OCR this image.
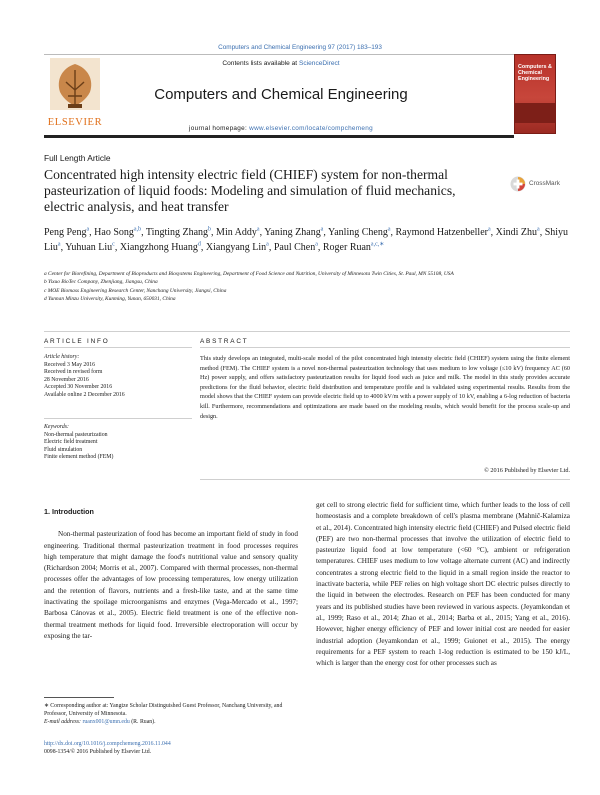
Computers and Chemical Engineering 97 (2017) 183–193
ELSEVIER
Contents lists available at ScienceDirect
Computers and Chemical Engineering
journal homepage: www.elsevier.com/locate/compchemeng
Computers & Chemical Engineering
Full Length Article
Concentrated high intensity electric field (CHIEF) system for non-thermal pasteurization of liquid foods: Modeling and simulation of fluid mechanics, electric analysis, and heat transfer
CrossMark
Peng Peng$^a$, Hao Song$^{a,b}$, Tingting Zhang$^b$, Min Addy$^a$, Yaning Zhang$^a$, Yanling Cheng$^a$, Raymond Hatzenbeller$^a$, Xindi Zhu$^a$, Shiyu Liu$^a$, Yuhuan Liu$^c$, Xiangzhong Huang$^d$, Xiangyang Lin$^a$, Paul Chen$^a$, Roger Ruan$^{a,c,∗}$
a Center for Biorefining, Department of Bioproducts and Biosystems Engineering, Department of Food Science and Nutrition, University of Minnesota Twin Cities, St. Paul, MN 55108, USA
b Yixuo BioTec Company, Zhenjiang, Jiangsu, China
c MOE Biomass Engineering Research Center, Nanchang University, Jiangxi, China
d Yunnan Minzu University, Kunming, Yunan, 650031, China
ARTICLE INFO	ABSTRACT
Article history:
Received 3 May 2016
Received in revised form
28 November 2016
Accepted 30 November 2016
Available online 2 December 2016
Keywords:
Non-thermal pasteurization
Electric field treatment
Fluid simulation
Finite element method (FEM)
This study develops an integrated, multi-scale model of the pilot concentrated high intensity electric field (CHIEF) system using the finite element method (FEM). The CHIEF system is a novel non-thermal pasteurization technology that uses medium to low voltage (≤10 kV) frequency AC (60 Hz) power supply, and offers satisfactory pasteurization results for liquid food such as juice and milk. The model in this study provides accurate predictions for the fluid behavior, electric field distribution and temperature profile and is validated using experimental results. Results from the model shows that the CHIEF system can provide electric field up to 4000 kV/m with a power supply of 10 kV, enabling a 6-log reduction of bacteria kill. Furthermore, recommendations and optimizations are made based on the modeling results, which would benefit for the process scale-up and design.
© 2016 Published by Elsevier Ltd.
1. Introduction
Non-thermal pasteurization of food has become an important field of study in food engineering. Traditional thermal pasteurization treatment in food processes requires high temperature that might damage the food's nutritional value and sensory quality (Richardson 2004; Morris et al., 2007). Compared with thermal processes, non-thermal processes offer the advantages of low processing temperatures, low energy utilization and the retention of flavors, nutrients and a fresh-like taste, and at the same time inactivating the spoilage microorganisms and enzymes (Vega-Mercado et al., 1997; Barbosa Cánovas et al., 2005). Electric field treatment is one of the effective non-thermal treatment methods for liquid food. Irreversible electroporation will occur by exposing the tar-
get cell to strong electric field for sufficient time, which further leads to the loss of cell homeostasis and a complete breakdown of cell's plasma membrane (Mahnič-Kalamiza et al., 2014). Concentrated high intensity electric field (CHIEF) and Pulsed electric field (PEF) are two non-thermal processes that involve the utilization of electric field to pasteurize liquid food at low temperature (<60 °C), ambient or refrigeration temperatures. CHIEF uses medium to low voltage alternate current (AC) and indirectly concentrates a strong electric field to the liquid in a small region inside the reactor to inactivate bacteria, while PEF relies on high voltage short DC electric pulses directly to the liquid in between the electrodes. Research on PEF has been conducted for many years and its published studies have been reviewed in various aspects. (Jeyamkondan et al., 1999; Raso et al., 2014; Zhao et al., 2014; Barba et al., 2015; Yang et al., 2016). However, higher energy efficiency of PEF and lower initial cost are needed for easier industrial adoption (Jeyamkondan et al., 1999; Guionet et al., 2015). The energy requirements for a PEF system to reach 1-log reduction is estimated to be 150 kJ/L, which is larger than the energy cost for other processes such as
∗ Corresponding author at: Yangtze Scholar Distinguished Guest Professor, Nanchang University, and Professor, University of Minnesota.
E-mail address: ruanx001@umn.edu (R. Ruan).
http://dx.doi.org/10.1016/j.compchemeng.2016.11.044
0098-1354/© 2016 Published by Elsevier Ltd.
